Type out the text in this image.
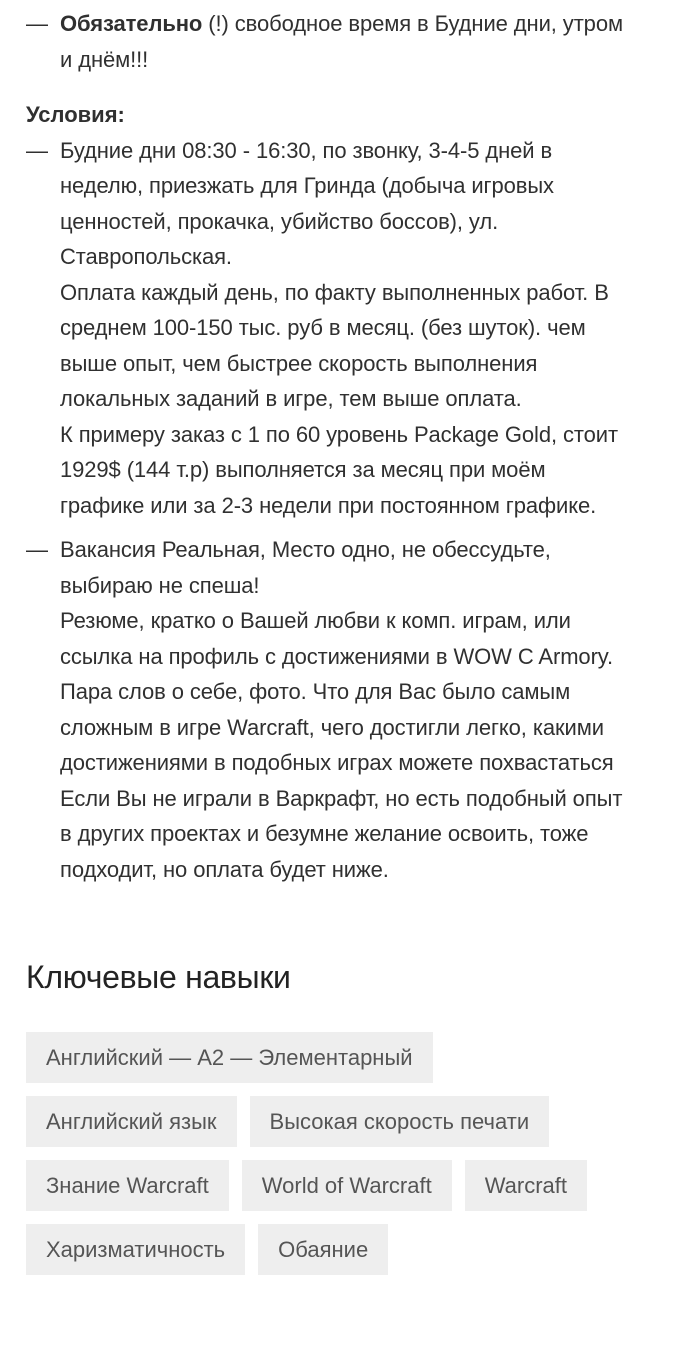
— Обязательно (!) свободное время в Будние дни, утром
и днём!!!
Условия:
— Будние дни 08:30 - 16:30, по звонку, 3-4-5 дней в
неделю, приезжать для Гринда (добыча игровых
ценностей, прокачка, убийство боссов), ул.
Ставропольская.
Оплата каждый день, по факту выполненных работ. В
среднем 100-150 тыс. руб в месяц. (без шуток). чем
выше опыт, чем быстрее скорость выполнения
локальных заданий в игре, тем выше оплата.
К примеру заказ с 1 по 60 уровень Package Gold, стоит
1929$ (144 т.р) выполняется за месяц при моём
графике или за 2-3 недели при постоянном графике.
— Вакансия Реальная, Место одно, не обессудьте,
выбираю не спеша!
Резюме, кратко о Вашей любви к комп. играм, или
ссылка на профиль с достижениями в WOW C Armory.
Пара слов о себе, фото. Что для Вас было самым
сложным в игре Warcraft, чего достигли легко, какими
достижениями в подобных играх можете похвастаться
Если Вы не играли в Варкрафт, но есть подобный опыт
в других проектах и безумне желание освоить, тоже
подходит, но оплата будет ниже.
Ключевые навыки
Английский — A2 — Элементарный
Английский язык	Высокая скорость печати
Знание Warcraft	World of Warcraft	Warcraft
Харизматичность	Обаяние
